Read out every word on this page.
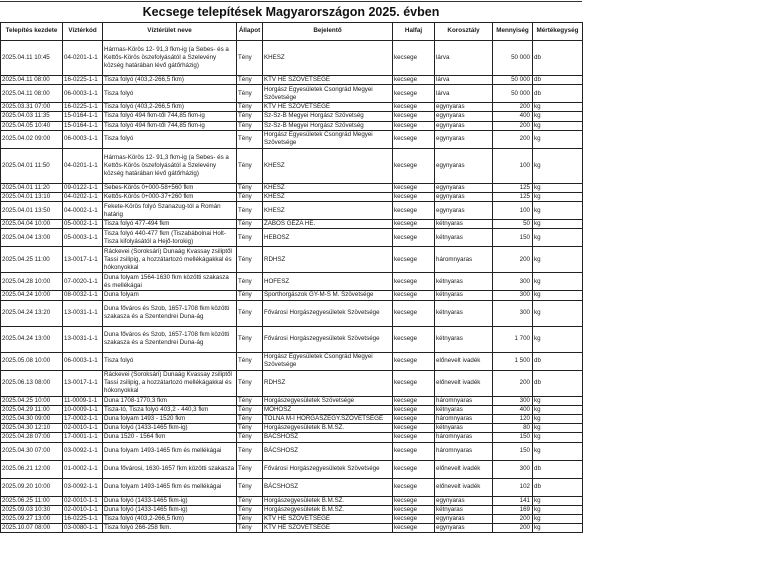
Kecsege telepítések Magyarországon 2025. évben
Telepítés kezdete	Víztérkód	Víztérület neve	Állapot	Bejelentő	Halfaj	Korosztály	Mennyiség	Mértékegység
2025.04.11 10:45	04-0201-1-1	Hármas-Körös 12- 91,3 fkm-ig (a Sebes- és a Kettős-Körös öszefolyásától a Szelevény község határában lévő gátőrházig)	Tény	KHESZ	kecsege	lárva	50 000	db
2025.04.11 08:00	16-0225-1-1	Tisza folyó (403,2-266,5 fkm)	Tény	KTV HE SZÖVETSÉGE	kecsege	lárva	50 000	db
2025.04.11 08:00	06-0003-1-1	Tisza folyó	Tény	Horgász Egyesületek Csongrád Megyei Szövetsége	kecsege	lárva	50 000	db
2025.03.31 07:00	16-0225-1-1	Tisza folyó (403,2-266,5 fkm)	Tény	KTV HE SZÖVETSÉGE	kecsege	egynyaras	200	kg
2025.04.03 11:35	15-0164-1-1	Tisza folyó 494 fkm-től 744,85 fkm-ig	Tény	Sz-Sz-B Megyei Horgász Szövetség	kecsege	egynyaras	400	kg
2025.04.05 10:40	15-0164-1-1	Tisza folyó 494 fkm-től 744,85 fkm-ig	Tény	Sz-Sz-B Megyei Horgász Szövetség	kecsege	egynyaras	200	kg
2025.04.02 09:00	06-0003-1-1	Tisza folyó	Tény	Horgász Egyesületek Csongrád Megyei Szövetsége	kecsege	egynyaras	200	kg
2025.04.01 11:50	04-0201-1-1	Hármas-Körös 12- 91,3 fkm-ig (a Sebes- és a Kettős-Körös öszefolyásától a Szelevény község határában lévő gátőrházig)	Tény	KHESZ	kecsege	egynyaras	100	kg
2025.04.01 11:20	09-0122-1-1	Sebes-Körös 0+000-58+560 fkm	Tény	KHESZ	kecsege	egynyaras	125	kg
2025.04.01 13:10	04-0202-1-1	Kettős-Körös 0+000-37+260 fkm	Tény	KHESZ	kecsege	egynyaras	125	kg
2025.04.01 13:50	04-0002-1-1	Fekete-Körös folyó Szanazug-tól a Román határig	Tény	KHESZ	kecsege	egynyaras	100	kg
2025.04.04 10:00	05-0002-1-1	Tisza folyó 477-494 fkm	Tény	ZABOS GÉZA HE.	kecsege	kétnyaras	50	kg
2025.04.04 13:00	05-0003-1-1	Tisza folyó 440-477 fkm (Tiszabábolnai Holt-Tisza kifolyásától a Hejő-torokig)	Tény	HEBOSZ	kecsege	kétnyaras	150	kg
2025.04.25 11:00	13-0017-1-1	Ráckevei (Soroksári) Dunaág Kvassay zsiliptől Tassi zsilipig, a hozzátartozó mellékágakkal és hókonyokkal	Tény	RDHSZ	kecsege	háromnyaras	200	kg
2025.04.28 10:00	07-0020-1-1	Duna folyam 1564-1630 fkm közötti szakasza és mellékágai	Tény	HOFESZ	kecsege	kétnyaras	300	kg
2025.04.24 10:00	08-0032-1-1	Duna folyam	Tény	Sporthorgászok GY-M-S M. Szövetsége	kecsege	kétnyaras	300	kg
2025.04.24 13:20	13-0031-1-1	Duna főváros és Szob, 1657-1708 fkm közötti szakasza és a Szentendrei Duna-ág	Tény	Fővárosi Horgászegyesületek Szövetsége	kecsege	kétnyaras	300	kg
2025.04.24 13:00	13-0031-1-1	Duna főváros és Szob, 1657-1708 fkm közötti szakasza és a Szentendrei Duna-ág	Tény	Fővárosi Horgászegyesületek Szövetsége	kecsege	kétnyaras	1 700	kg
2025.05.08 10:00	06-0003-1-1	Tisza folyó	Tény	Horgász Egyesületek Csongrád Megyei Szövetsége	kecsege	előnevelt ivadék	1 500	db
2025.06.13 08:00	13-0017-1-1	Ráckevei (Soroksári) Dunaág Kvassay zsiliptől Tassi zsilipig, a hozzátartozó mellékágakkal és hókonyokkal	Tény	RDHSZ	kecsege	előnevelt ivadék	200	db
2025.04.25 10:00	11-0009-1-1	Duna 1708-1770,3 fkm	Tény	Horgászegyesületek Szövetsége	kecsege	háromnyaras	300	kg
2025.04.29 11:00	10-0009-1-1	Tisza-tó, Tisza folyó 403,2 - 440,3 fkm	Tény	MOHOSZ	kecsege	kétnyaras	400	kg
2025.04.30 09:00	17-0002-1-1	Duna folyam 1493 - 1520 fkm	Tény	TOLNA M-I HORGÁSZEGY.SZÖVETSÉGE	kecsege	háromnyaras	120	kg
2025.04.30 12:10	02-0010-1-1	Duna folyó (1433-1465 fkm-ig)	Tény	Horgászegyesületek B.M.SZ.	kecsege	kétnyaras	80	kg
2025.04.28 07:00	17-0001-1-1	Duna 1520 - 1564 fkm	Tény	BÁCSHOSZ	kecsege	háromnyaras	150	kg
2025.04.30 07:00	03-0092-1-1	Duna folyam 1493-1465 fkm és mellékágai	Tény	BÁCSHOSZ	kecsege	háromnyaras	150	kg
2025.06.21 12:00	01-0002-1-1	Duna fővárosi, 1630-1657 fkm közötti szakasza	Tény	Fővárosi Horgászegyesületek Szövetsége	kecsege	előnevelt ivadék	300	db
2025.09.20 10:00	03-0092-1-1	Duna folyam 1493-1465 fkm és mellékágai	Tény	BÁCSHOSZ	kecsege	előnevelt ivadék	102	db
2025.06.25 11:00	02-0010-1-1	Duna folyó (1433-1465 fkm-ig)	Tény	Horgászegyesületek B.M.SZ.	kecsege	egynyaras	141	kg
2025.09.03 10:30	02-0010-1-1	Duna folyó (1433-1465 fkm-ig)	Tény	Horgászegyesületek B.M.SZ.	kecsege	kétnyaras	169	kg
2025.09.27 13:00	16-0225-1-1	Tisza folyó (403,2-266,5 fkm)	Tény	KTV HE SZÖVETSÉGE	kecsege	egynyaras	200	kg
2025.10.07 08:00	03-0080-1-1	Tisza folyó 266-258 fkm.	Tény	KTV HE SZÖVETSÉGE	kecsege	egynyaras	200	kg
